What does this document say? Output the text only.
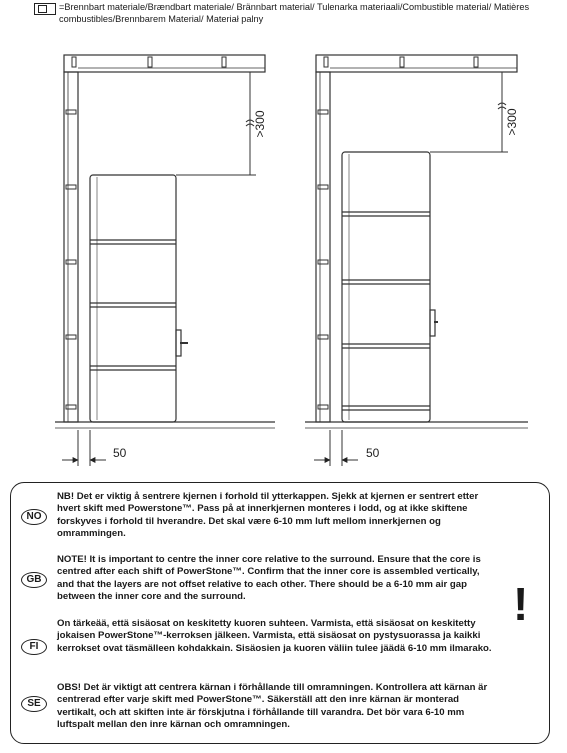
=Brennbart materiale/Brændbart materiale/ Brännbart material/ Tulenarka materiaali/Combustible material/ Matières combustibles/Brennbarem Material/ Materiał palny
>300
50
>300
50
NO
NB! Det er viktig å sentrere kjernen i forhold til ytterkappen. Sjekk at kjernen er sentrert etter hvert skift med Powerstone™. Pass på at innerkjernen monteres i lodd, og at ikke skiftene forskyves i forhold til hverandre. Det skal være 6-10 mm luft mellom innerkjernen og omrammingen.
GB
NOTE! It is important to centre the inner core relative to the surround. Ensure that the core is centred after each shift of PowerStone™. Confirm that the inner core is assembled vertically, and that the layers are not offset relative to each other. There should be a 6-10 mm air gap between the inner core and the surround.
FI
On tärkeää, että sisäosat on keskitetty kuoren suhteen. Varmista, että sisäosat on keskitetty jokaisen PowerStone™-kerroksen jälkeen. Varmista, että sisäosat on pystysuorassa ja kaikki kerrokset ovat täsmälleen kohdakkain. Sisäosien ja kuoren väliin tulee jäädä 6-10 mm ilmarako.
SE
OBS! Det är viktigt att centrera kärnan i förhållande till omramningen. Kontrollera att kärnan är centrerad efter varje skift med PowerStone™. Säkerställ att den inre kärnan är monterad vertikalt, och att skiften inte är förskjutna i förhållande till varandra. Det bör vara 6-10 mm luftspalt mellan den inre kärnan och omramningen.
!
